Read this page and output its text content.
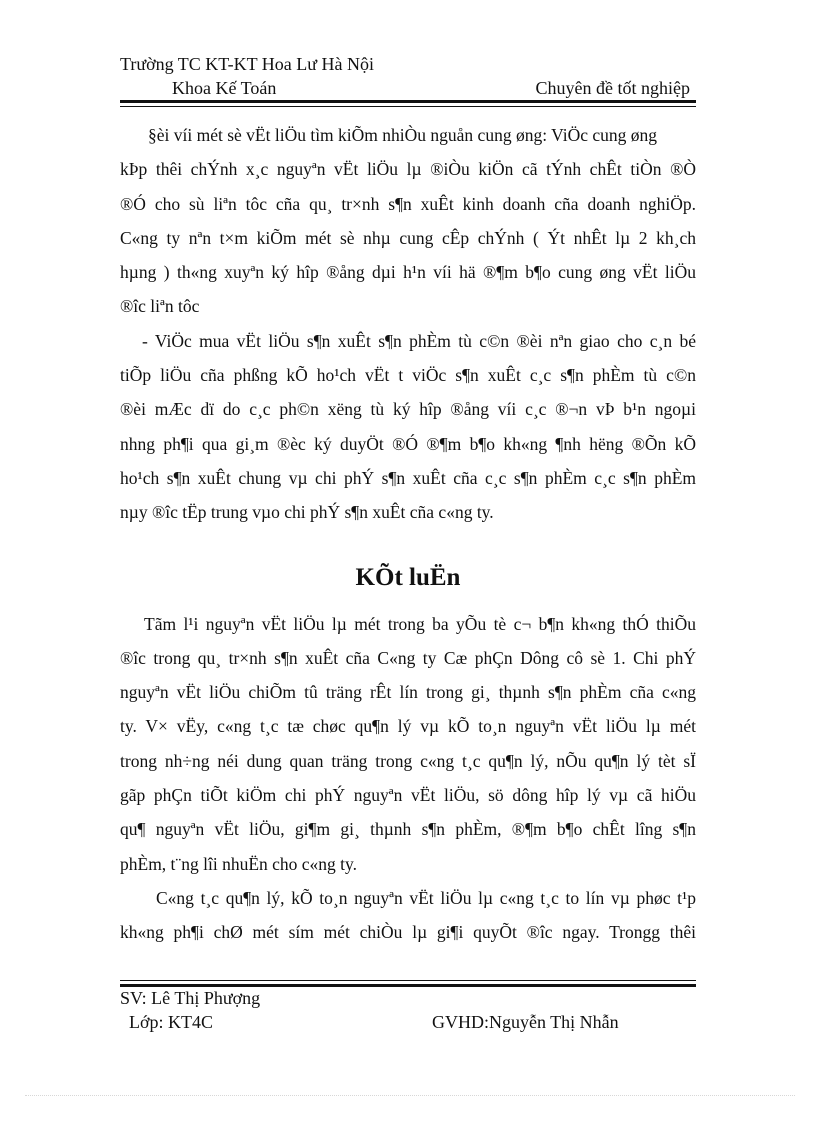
Trường TC KT-KT Hoa Lư Hà Nội
Khoa Kế Toán	Chuyên đề tốt nghiệp

§èi víi mét sè vËt liÖu tìm kiÕm nhiÒu nguån cung øng: ViÖc cung øng

kÞp thêi chÝnh x¸c nguyªn vËt liÖu lµ ®iÒu kiÖn cã tÝnh chÊt tiÒn ®Ò

®Ó cho sù liªn tôc cña qu¸ tr×nh s¶n xuÊt kinh doanh cña doanh nghiÖp.

C«ng ty nªn t×m kiÕm mét sè nhµ cung cÊp chÝnh ( Ýt nhÊt lµ 2 kh¸ch

hµng ) th«ng xuyªn ký hîp ®ång dµi h¹n víi hä ®¶m b¶o cung øng vËt liÖu

®îc liªn tôc

- ViÖc mua vËt liÖu s¶n xuÊt s¶n phÈm tù c©n ®èi nªn giao cho c¸n bé

tiÕp liÖu cña phßng kÕ ho¹ch vËt t viÖc s¶n xuÊt c¸c s¶n phÈm tù c©n

®èi mÆc dï do c¸c ph©n xëng tù ký hîp ®ång víi c¸c ®¬n vÞ b¹n ngoµi

nhng ph¶i qua gi¸m ®èc ký duyÖt ®Ó ®¶m b¶o kh«ng ¶nh hëng ®Õn kÕ

ho¹ch s¶n xuÊt chung vµ chi phÝ s¶n xuÊt cña c¸c s¶n phÈm c¸c s¶n phÈm

nµy ®îc tËp trung vµo chi phÝ s¶n xuÊt cña c«ng ty.

KÕt luËn

Tãm l¹i nguyªn vËt liÖu lµ mét trong ba yÕu tè c¬ b¶n kh«ng thÓ thiÕu

®îc trong qu¸ tr×nh s¶n xuÊt cña C«ng ty Cæ phÇn Dông cô sè 1. Chi phÝ

nguyªn vËt liÖu chiÕm tû träng rÊt lín trong gi¸ thµnh s¶n phÈm cña c«ng

ty. V× vËy, c«ng t¸c tæ chøc qu¶n lý vµ kÕ to¸n nguyªn vËt liÖu lµ mét

trong nh÷ng néi dung quan träng trong c«ng t¸c qu¶n lý, nÕu qu¶n lý tèt sÏ

gãp phÇn tiÕt kiÖm chi phÝ nguyªn vËt liÖu, sö dông hîp lý vµ cã hiÖu

qu¶ nguyªn vËt liÖu, gi¶m gi¸ thµnh s¶n phÈm, ®¶m b¶o chÊt lîng s¶n

phÈm, t¨ng lîi nhuËn cho c«ng ty.

C«ng t¸c qu¶n lý, kÕ to¸n nguyªn vËt liÖu lµ c«ng t¸c to lín vµ phøc t¹p

kh«ng ph¶i chØ mét sím mét chiÒu lµ gi¶i quyÕt ®îc ngay. Trongg thêi

SV: Lê Thị Phượng
Lớp: KT4C	GVHD:Nguyễn Thị Nhẫn
